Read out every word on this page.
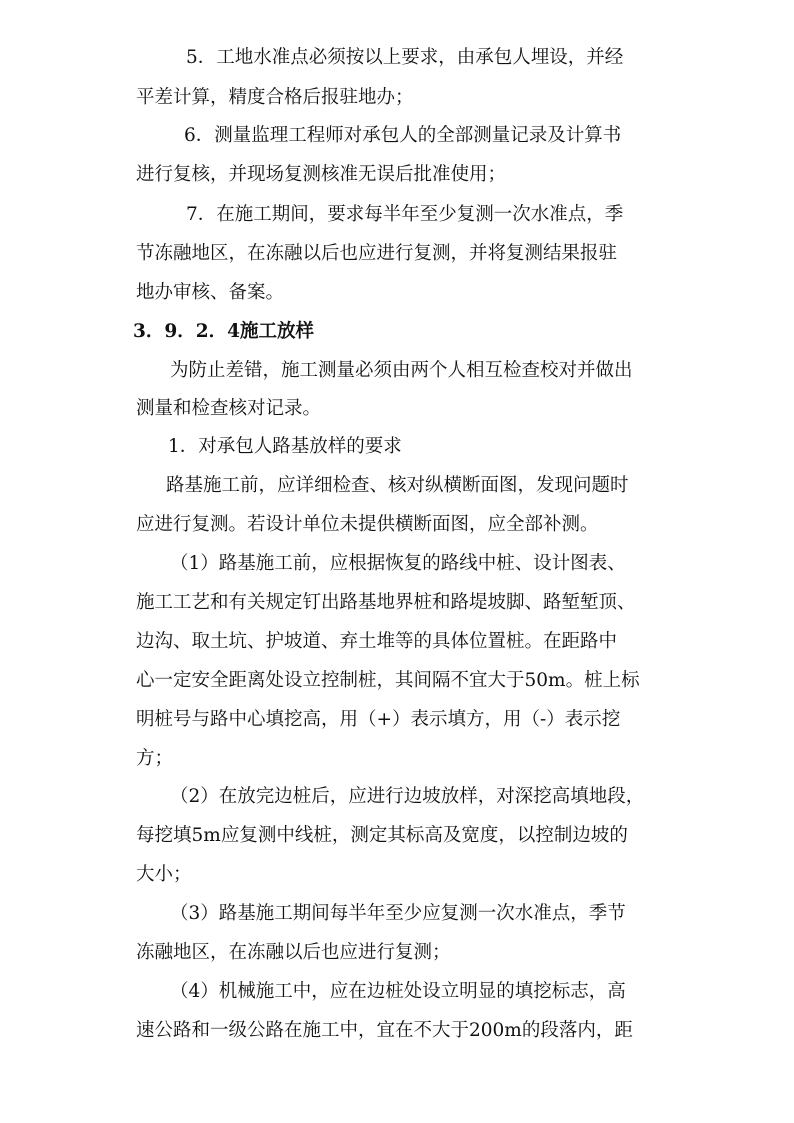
5．工地水准点必须按以上要求，由承包人埋设，并经
平差计算，精度合格后报驻地办；
6．测量监理工程师对承包人的全部测量记录及计算书
进行复核，并现场复测核准无误后批准使用；
7．在施工期间，要求每半年至少复测一次水准点，季
节冻融地区，在冻融以后也应进行复测，并将复测结果报驻
地办审核、备案。
3．9．2．4施工放样
为防止差错，施工测量必须由两个人相互检查校对并做出
测量和检查核对记录。
1．对承包人路基放样的要求
路基施工前，应详细检查、核对纵横断面图，发现问题时
应进行复测。若设计单位未提供横断面图，应全部补测。
（1）路基施工前，应根据恢复的路线中桩、设计图表、
施工工艺和有关规定钉出路基地界桩和路堤坡脚、路堑堑顶、
边沟、取土坑、护坡道、弃土堆等的具体位置桩。在距路中
心一定安全距离处设立控制桩，其间隔不宜大于50m。桩上标
明桩号与路中心填挖高，用（+）表示填方，用（-）表示挖
方；
（2）在放完边桩后，应进行边坡放样，对深挖高填地段，
每挖填5m应复测中线桩，测定其标高及宽度，以控制边坡的
大小；
（3）路基施工期间每半年至少应复测一次水准点，季节
冻融地区，在冻融以后也应进行复测；
（4）机械施工中，应在边桩处设立明显的填挖标志，高
速公路和一级公路在施工中，宜在不大于200m的段落内，距
